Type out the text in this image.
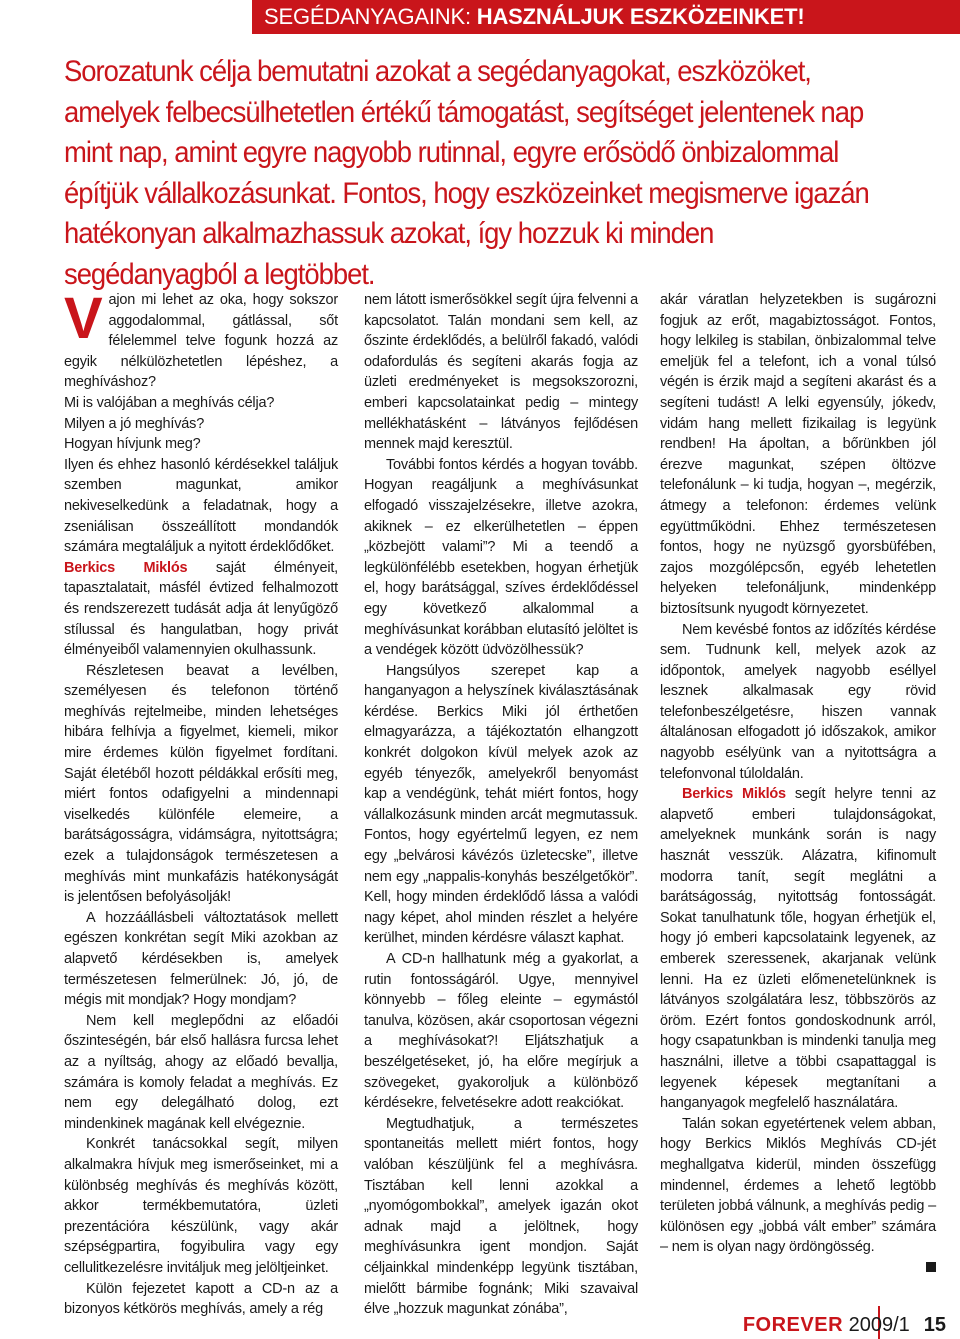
SEGÉDANYAGAINK: HASZNÁLJUK ESZKÖZEINKET!

Sorozatunk célja bemutatni azokat a segédanyagokat, eszközöket, amelyek felbecsülhetetlen értékű támogatást, segítséget jelentenek nap mint nap, amint egyre nagyobb rutinnal, egyre erősödő önbizalommal építjük vállalkozásunkat. Fontos, hogy eszközeinket megismerve igazán hatékonyan alkalmazhassuk azokat, így hozzuk ki minden segédanyagból a legtöbbet.

Vajon mi lehet az oka, hogy sokszor aggodalommal, gátlással, sőt félelemmel telve fogunk hozzá az egyik nélkülözhetetlen lépéshez, a meghíváshoz?

Mi is valójában a meghívás célja?

Milyen a jó meghívás?

Hogyan hívjunk meg?

Ilyen és ehhez hasonló kérdésekkel találjuk szemben magunkat, amikor nekiveselkedünk a feladatnak, hogy a zseniálisan összeállított mondandók számára megtaláljuk a nyitott érdeklődőket.

Berkics Miklós saját élményeit, tapasztalatait, másfél évtized felhalmozott és rendszerezett tudását adja át lenyűgöző stílussal és hangulatban, hogy privát élményeiből valamennyien okulhassunk.

Részletesen beavat a levélben, személyesen és telefonon történő meghívás rejtelmeibe, minden lehetséges hibára felhívja a figyelmet, kiemeli, mikor mire érdemes külön figyelmet fordítani. Saját életéből hozott példákkal erősíti meg, miért fontos odafigyelni a mindennapi viselkedés különféle elemeire, a barátságosságra, vidámságra, nyitottságra; ezek a tulajdonságok természetesen a meghívás mint munkafázis hatékonyságát is jelentősen befolyásolják!

A hozzáállásbeli változtatások mellett egészen konkrétan segít Miki azokban az alapvető kérdésekben is, amelyek természetesen felmerülnek: Jó, jó, de mégis mit mondjak? Hogy mondjam?

Nem kell meglepődni az előadói őszinteségén, bár első hallásra furcsa lehet az a nyíltság, ahogy az előadó bevallja, számára is komoly feladat a meghívás. Ez nem egy delegálható dolog, ezt mindenkinek magának kell elvégeznie.

Konkrét tanácsokkal segít, milyen alkalmakra hívjuk meg ismerőseinket, mi a különbség meghívás és meghívás között, akkor termékbemutatóra, üzleti prezentációra készülünk, vagy akár szépségpartira, fogyibulira vagy egy cellulitkezelésre invitáljuk meg jelöltjeinket.

Külön fejezetet kapott a CD-n az a bizonyos kétkörös meghívás, amely a rég

nem látott ismerősökkel segít újra felvenni a kapcsolatot. Talán mondani sem kell, az őszinte érdeklődés, a belülről fakadó, valódi odafordulás és segíteni akarás fogja az üzleti eredményeket is megsokszorozni, emberi kapcsolatainkat pedig – mintegy mellékhatásként – látványos fejlődésen mennek majd keresztül.

További fontos kérdés a hogyan tovább. Hogyan reagáljunk a meghívásunkat elfogadó visszajelzésekre, illetve azokra, akiknek – ez elkerülhetetlen – éppen „közbejött valami”? Mi a teendő a legkülönfélébb esetekben, hogyan érhetjük el, hogy barátsággal, szíves érdeklődéssel egy következő alkalommal a meghívásunkat korábban elutasító jelöltet is a vendégek között üdvözölhessük?

Hangsúlyos szerepet kap a hanganyagon a helyszínek kiválasztásának kérdése. Berkics Miki jól érthetően elmagyarázza, a tájékoztatón elhangzott konkrét dolgokon kívül melyek azok az egyéb tényezők, amelyekről benyomást kap a vendégünk, tehát miért fontos, hogy vállalkozásunk minden arcát megmutassuk. Fontos, hogy egyértelmű legyen, ez nem egy „belvárosi kávézós üzletecske”, illetve nem egy „nappalis-konyhás beszélgetőkör”. Kell, hogy minden érdeklődő lássa a valódi nagy képet, ahol minden részlet a helyére kerülhet, minden kérdésre választ kaphat.

A CD-n hallhatunk még a gyakorlat, a rutin fontosságáról. Ugye, mennyivel könnyebb – főleg eleinte – egymástól tanulva, közösen, akár csoportosan végezni a meghívásokat?! Eljátszhatjuk a beszélgetéseket, jó, ha előre megírjuk a szövegeket, gyakoroljuk a különböző kérdésekre, felvetésekre adott reakciókat.

Megtudhatjuk, a természetes spontaneitás mellett miért fontos, hogy valóban készüljünk fel a meghívásra. Tisztában kell lenni azokkal a „nyomógombokkal”, amelyek igazán okot adnak majd a jelöltnek, hogy meghívásunkra igent mondjon. Saját céljainkkal mindenképp legyünk tisztában, mielőtt bármibe fognánk; Miki szavaival élve „hozzuk magunkat zónába”,

akár váratlan helyzetekben is sugározni fogjuk az erőt, magabiztosságot. Fontos, hogy lelkileg is stabilan, önbizalommal telve emeljük fel a telefont, ich a vonal túlsó végén is érzik majd a segíteni akarást és a segíteni tudást! A lelki egyensúly, jókedv, vidám hang mellett fizikailag is legyünk rendben! Ha ápoltan, a bőrünkben jól érezve magunkat, szépen öltözve telefonálunk – ki tudja, hogyan –, megérzik, átmegy a telefonon: érdemes velünk együttműködni. Ehhez természetesen fontos, hogy ne nyüzsgő gyorsbüfében, zajos mozgólépcsőn, egyéb lehetetlen helyeken telefonáljunk, mindenképp biztosítsunk nyugodt környezetet.

Nem kevésbé fontos az időzítés kérdése sem. Tudnunk kell, melyek azok az időpontok, amelyek nagyobb eséllyel lesznek alkalmasak egy rövid telefonbeszélgetésre, hiszen vannak általánosan elfogadott jó időszakok, amikor nagyobb esélyünk van a nyitottságra a telefonvonal túloldalán.

Berkics Miklós segít helyre tenni az alapvető emberi tulajdonságokat, amelyeknek munkánk során is nagy hasznát vesszük. Alázatra, kifinomult modorra tanít, segít meglátni a barátságosság, nyitottság fontosságát. Sokat tanulhatunk tőle, hogyan érhetjük el, hogy jó emberi kapcsolataink legyenek, az emberek szeressenek, akarjanak velünk lenni. Ha ez üzleti előmenetelünknek is látványos szolgálatára lesz, többszörös az öröm. Ezért fontos gondoskodnunk arról, hogy csapatunkban is mindenki tanulja meg használni, illetve a többi csapattaggal is legyenek képesek megtanítani a hanganyagok megfelelő használatára.

Talán sokan egyetértenek velem abban, hogy Berkics Miklós Meghívás CD-jét meghallgatva kiderül, minden összefügg mindennel, érdemes a lehető legtöbb területen jobbá válnunk, a meghívás pedig – különösen egy „jobbá vált ember” számára – nem is olyan nagy ördöngösség.

FOREVER 2009/1 15
